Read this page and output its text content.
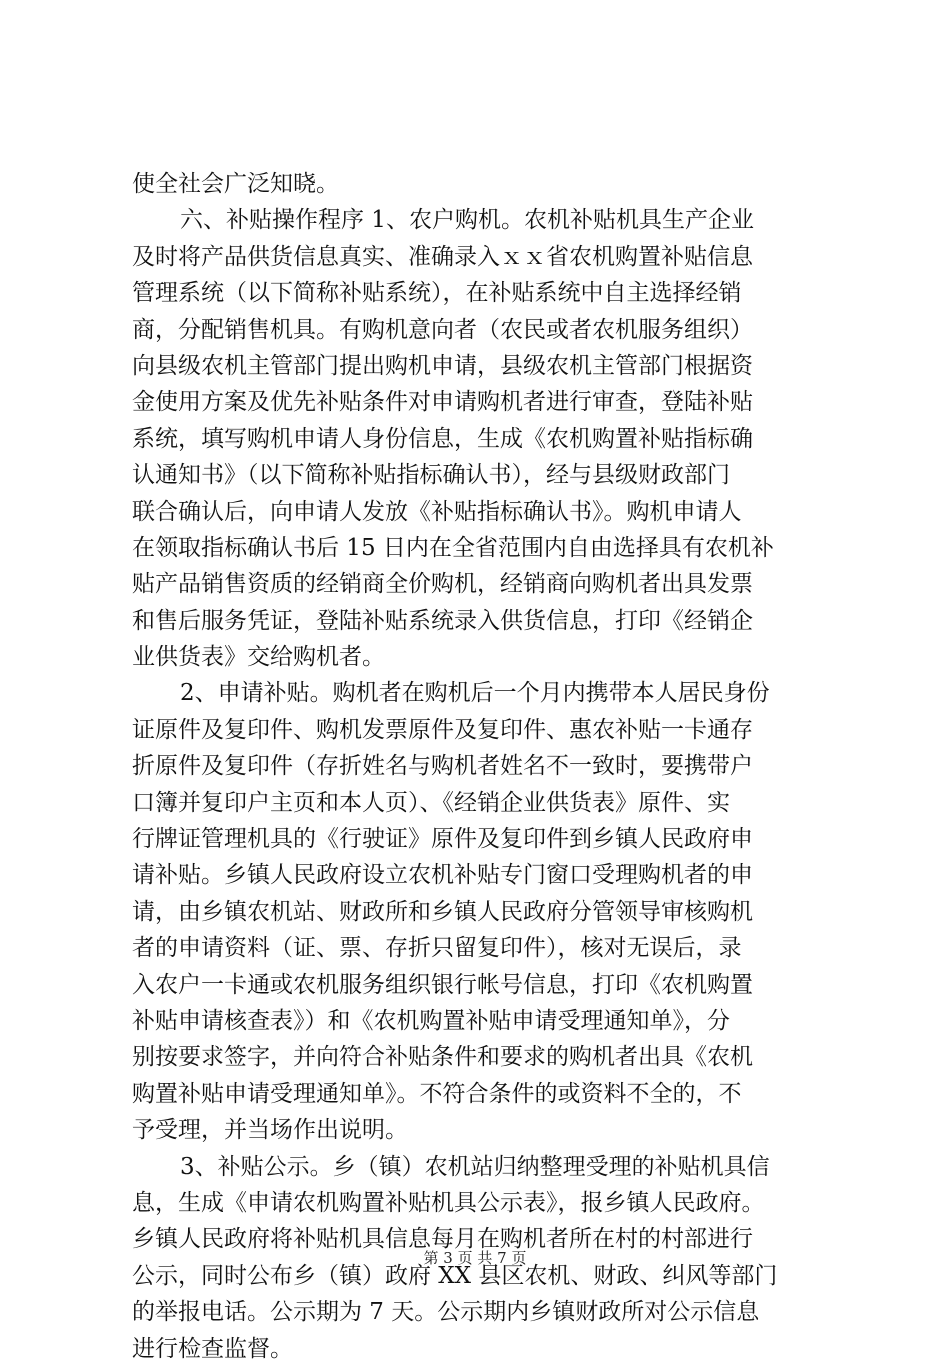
使全社会广泛知晓。
六、补贴操作程序 1、农户购机。农机补贴机具生产企业
及时将产品供货信息真实、准确录入ｘｘ省农机购置补贴信息
管理系统（以下简称补贴系统），在补贴系统中自主选择经销
商，分配销售机具。有购机意向者（农民或者农机服务组织）
向县级农机主管部门提出购机申请，县级农机主管部门根据资
金使用方案及优先补贴条件对申请购机者进行审查，登陆补贴
系统，填写购机申请人身份信息，生成《农机购置补贴指标确
认通知书》（以下简称补贴指标确认书），经与县级财政部门
联合确认后，向申请人发放《补贴指标确认书》。购机申请人
在领取指标确认书后 15 日内在全省范围内自由选择具有农机补
贴产品销售资质的经销商全价购机，经销商向购机者出具发票
和售后服务凭证，登陆补贴系统录入供货信息，打印《经销企
业供货表》交给购机者。
2、申请补贴。购机者在购机后一个月内携带本人居民身份
证原件及复印件、购机发票原件及复印件、惠农补贴一卡通存
折原件及复印件（存折姓名与购机者姓名不一致时，要携带户
口簿并复印户主页和本人页）、《经销企业供货表》原件、实
行牌证管理机具的《行驶证》原件及复印件到乡镇人民政府申
请补贴。乡镇人民政府设立农机补贴专门窗口受理购机者的申
请，由乡镇农机站、财政所和乡镇人民政府分管领导审核购机
者的申请资料（证、票、存折只留复印件），核对无误后，录
入农户一卡通或农机服务组织银行帐号信息，打印《农机购置
补贴申请核查表》）和《农机购置补贴申请受理通知单》，分
别按要求签字，并向符合补贴条件和要求的购机者出具《农机
购置补贴申请受理通知单》。不符合条件的或资料不全的，不
予受理，并当场作出说明。
3、补贴公示。乡（镇）农机站归纳整理受理的补贴机具信
息，生成《申请农机购置补贴机具公示表》，报乡镇人民政府。
乡镇人民政府将补贴机具信息每月在购机者所在村的村部进行
公示，同时公布乡（镇）政府 XX 县区农机、财政、纠风等部门
的举报电话。公示期为 7 天。公示期内乡镇财政所对公示信息
进行检查监督。
第 3 页 共 7 页
